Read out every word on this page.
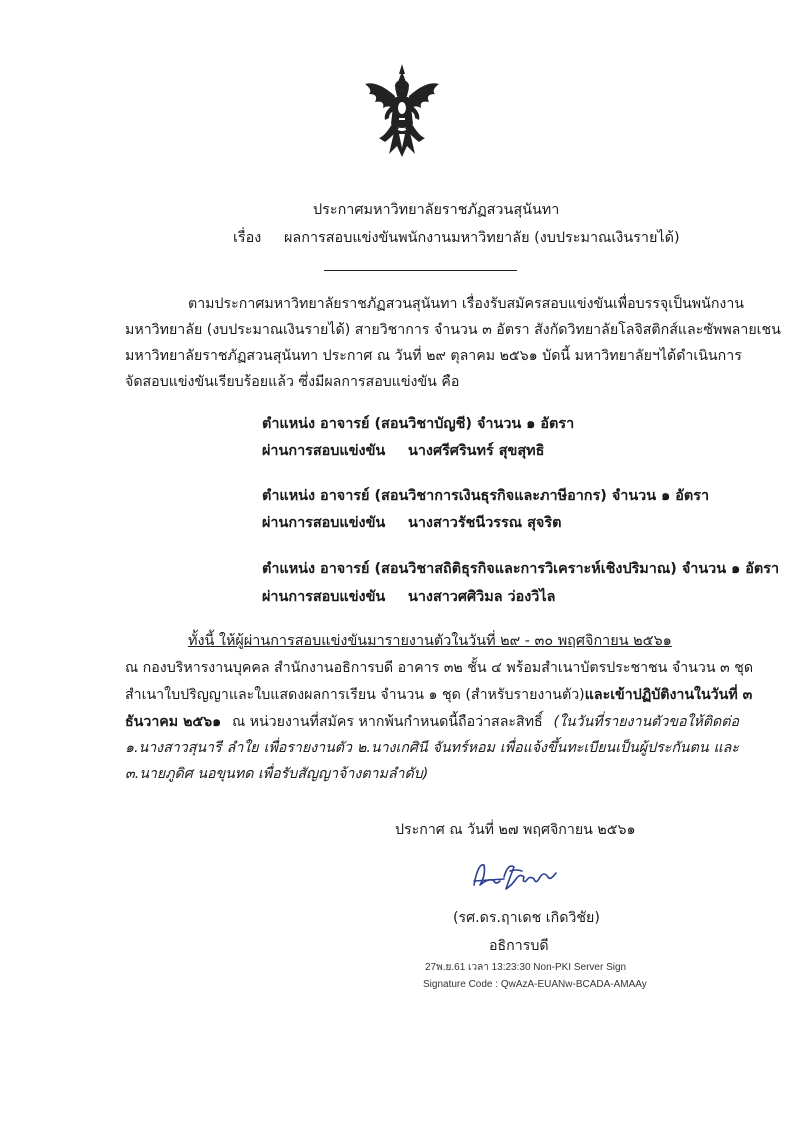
ประกาศมหาวิทยาลัยราชภัฏสวนสุนันทา
เรื่อง ผลการสอบแข่งขันพนักงานมหาวิทยาลัย (งบประมาณเงินรายได้)
ตามประกาศมหาวิทยาลัยราชภัฏสวนสุนันทา เรื่องรับสมัครสอบแข่งขันเพื่อบรรจุเป็นพนักงาน
มหาวิทยาลัย (งบประมาณเงินรายได้) สายวิชาการ จำนวน ๓ อัตรา สังกัดวิทยาลัยโลจิสติกส์และซัพพลายเชน
มหาวิทยาลัยราชภัฏสวนสุนันทา ประกาศ ณ วันที่ ๒๙ ตุลาคม ๒๕๖๑ บัดนี้ มหาวิทยาลัยฯได้ดำเนินการ
จัดสอบแข่งขันเรียบร้อยแล้ว ซึ่งมีผลการสอบแข่งขัน คือ
ตำแหน่ง อาจารย์ (สอนวิชาบัญชี) จำนวน ๑ อัตรา
ผ่านการสอบแข่งขัน นางศรีศรินทร์ สุขสุทธิ
ตำแหน่ง อาจารย์ (สอนวิชาการเงินธุรกิจและภาษีอากร) จำนวน ๑ อัตรา
ผ่านการสอบแข่งขัน นางสาวรัชนีวรรณ สุจริต
ตำแหน่ง อาจารย์ (สอนวิชาสถิติธุรกิจและการวิเคราะห์เชิงปริมาณ) จำนวน ๑ อัตรา
ผ่านการสอบแข่งขัน นางสาวศศิวิมล ว่องวิไล
ทั้งนี้ ให้ผู้ผ่านการสอบแข่งขันมารายงานตัวในวันที่ ๒๙ - ๓๐ พฤศจิกายน ๒๕๖๑
ณ กองบริหารงานบุคคล สำนักงานอธิการบดี อาคาร ๓๒ ชั้น ๔ พร้อมสำเนาบัตรประชาชน จำนวน ๓ ชุด
สำเนาใบปริญญาและใบแสดงผลการเรียน จำนวน ๑ ชุด (สำหรับรายงานตัว) และเข้าปฏิบัติงานในวันที่ ๓
ธันวาคม ๒๕๖๑ ณ หน่วยงานที่สมัคร หากพ้นกำหนดนี้ถือว่าสละสิทธิ์ (ในวันที่รายงานตัวขอให้ติดต่อ
๑.นางสาวสุนารี ลำใย เพื่อรายงานตัว ๒.นางเกศินี จันทร์หอม เพื่อแจ้งขึ้นทะเบียนเป็นผู้ประกันตน และ
๓.นายภูดิศ นอขุนทด เพื่อรับสัญญาจ้างตามลำดับ)
ประกาศ ณ วันที่ ๒๗ พฤศจิกายน ๒๕๖๑
(รศ.ดร.ฤาเดช เกิดวิชัย)
อธิการบดี
27พ.ย.61 เวลา 13:23:30 Non-PKI Server Sign
Signature Code : QwAzA-EUANw-BCADA-AMAAy
